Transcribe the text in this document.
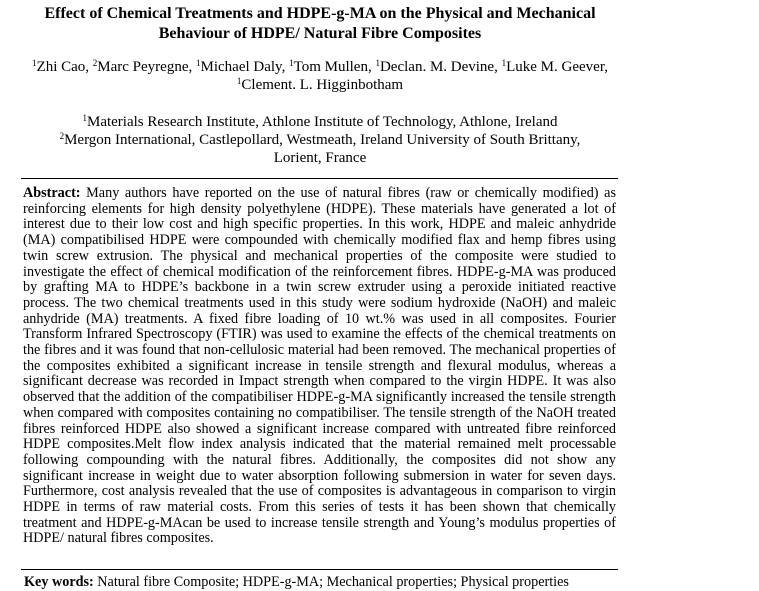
Effect of Chemical Treatments and HDPE-g-MA on the Physical and Mechanical
Behaviour of HDPE/ Natural Fibre Composites
$^1$Zhi Cao, $^2$Marc Peyregne, $^1$Michael Daly, $^1$Tom Mullen, $^1$Declan. M. Devine, $^1$Luke M. Geever,
$^1$Clement. L. Higginbotham
$^1$Materials Research Institute, Athlone Institute of Technology, Athlone, Ireland
$^2$Mergon International, Castlepollard, Westmeath, Ireland University of South Brittany,
Lorient, France

Abstract: Many authors have reported on the use of natural fibres (raw or chemically modified) as reinforcing elements for high density polyethylene (HDPE). These materials have generated a lot of interest due to their low cost and high specific properties. In this work, HDPE and maleic anhydride (MA) compatibilised HDPE were compounded with chemically modified flax and hemp fibres using twin screw extrusion. The physical and mechanical properties of the composite were studied to investigate the effect of chemical modification of the reinforcement fibres. HDPE-g-MA was produced by grafting MA to HDPE’s backbone in a twin screw extruder using a peroxide initiated reactive process. The two chemical treatments used in this study were sodium hydroxide (NaOH) and maleic anhydride (MA) treatments. A fixed fibre loading of 10 wt.% was used in all composites. Fourier Transform Infrared Spectroscopy (FTIR) was used to examine the effects of the chemical treatments on the fibres and it was found that non-cellulosic material had been removed. The mechanical properties of the composites exhibited a significant increase in tensile strength and flexural modulus, whereas a significant decrease was recorded in Impact strength when compared to the virgin HDPE. It was also observed that the addition of the compatibiliser HDPE-g-MA significantly increased the tensile strength when compared with composites containing no compatibiliser. The tensile strength of the NaOH treated fibres reinforced HDPE also showed a significant increase compared with untreated fibre reinforced HDPE composites.Melt flow index analysis indicated that the material remained melt processable following compounding with the natural fibres. Additionally, the composites did not show any significant increase in weight due to water absorption following submersion in water for seven days. Furthermore, cost analysis revealed that the use of composites is advantageous in comparison to virgin HDPE in terms of raw material costs. From this series of tests it has been shown that chemically treatment and HDPE-g-MAcan be used to increase tensile strength and Young’s modulus properties of HDPE/ natural fibres composites.

Key words: Natural fibre Composite; HDPE-g-MA; Mechanical properties; Physical properties
